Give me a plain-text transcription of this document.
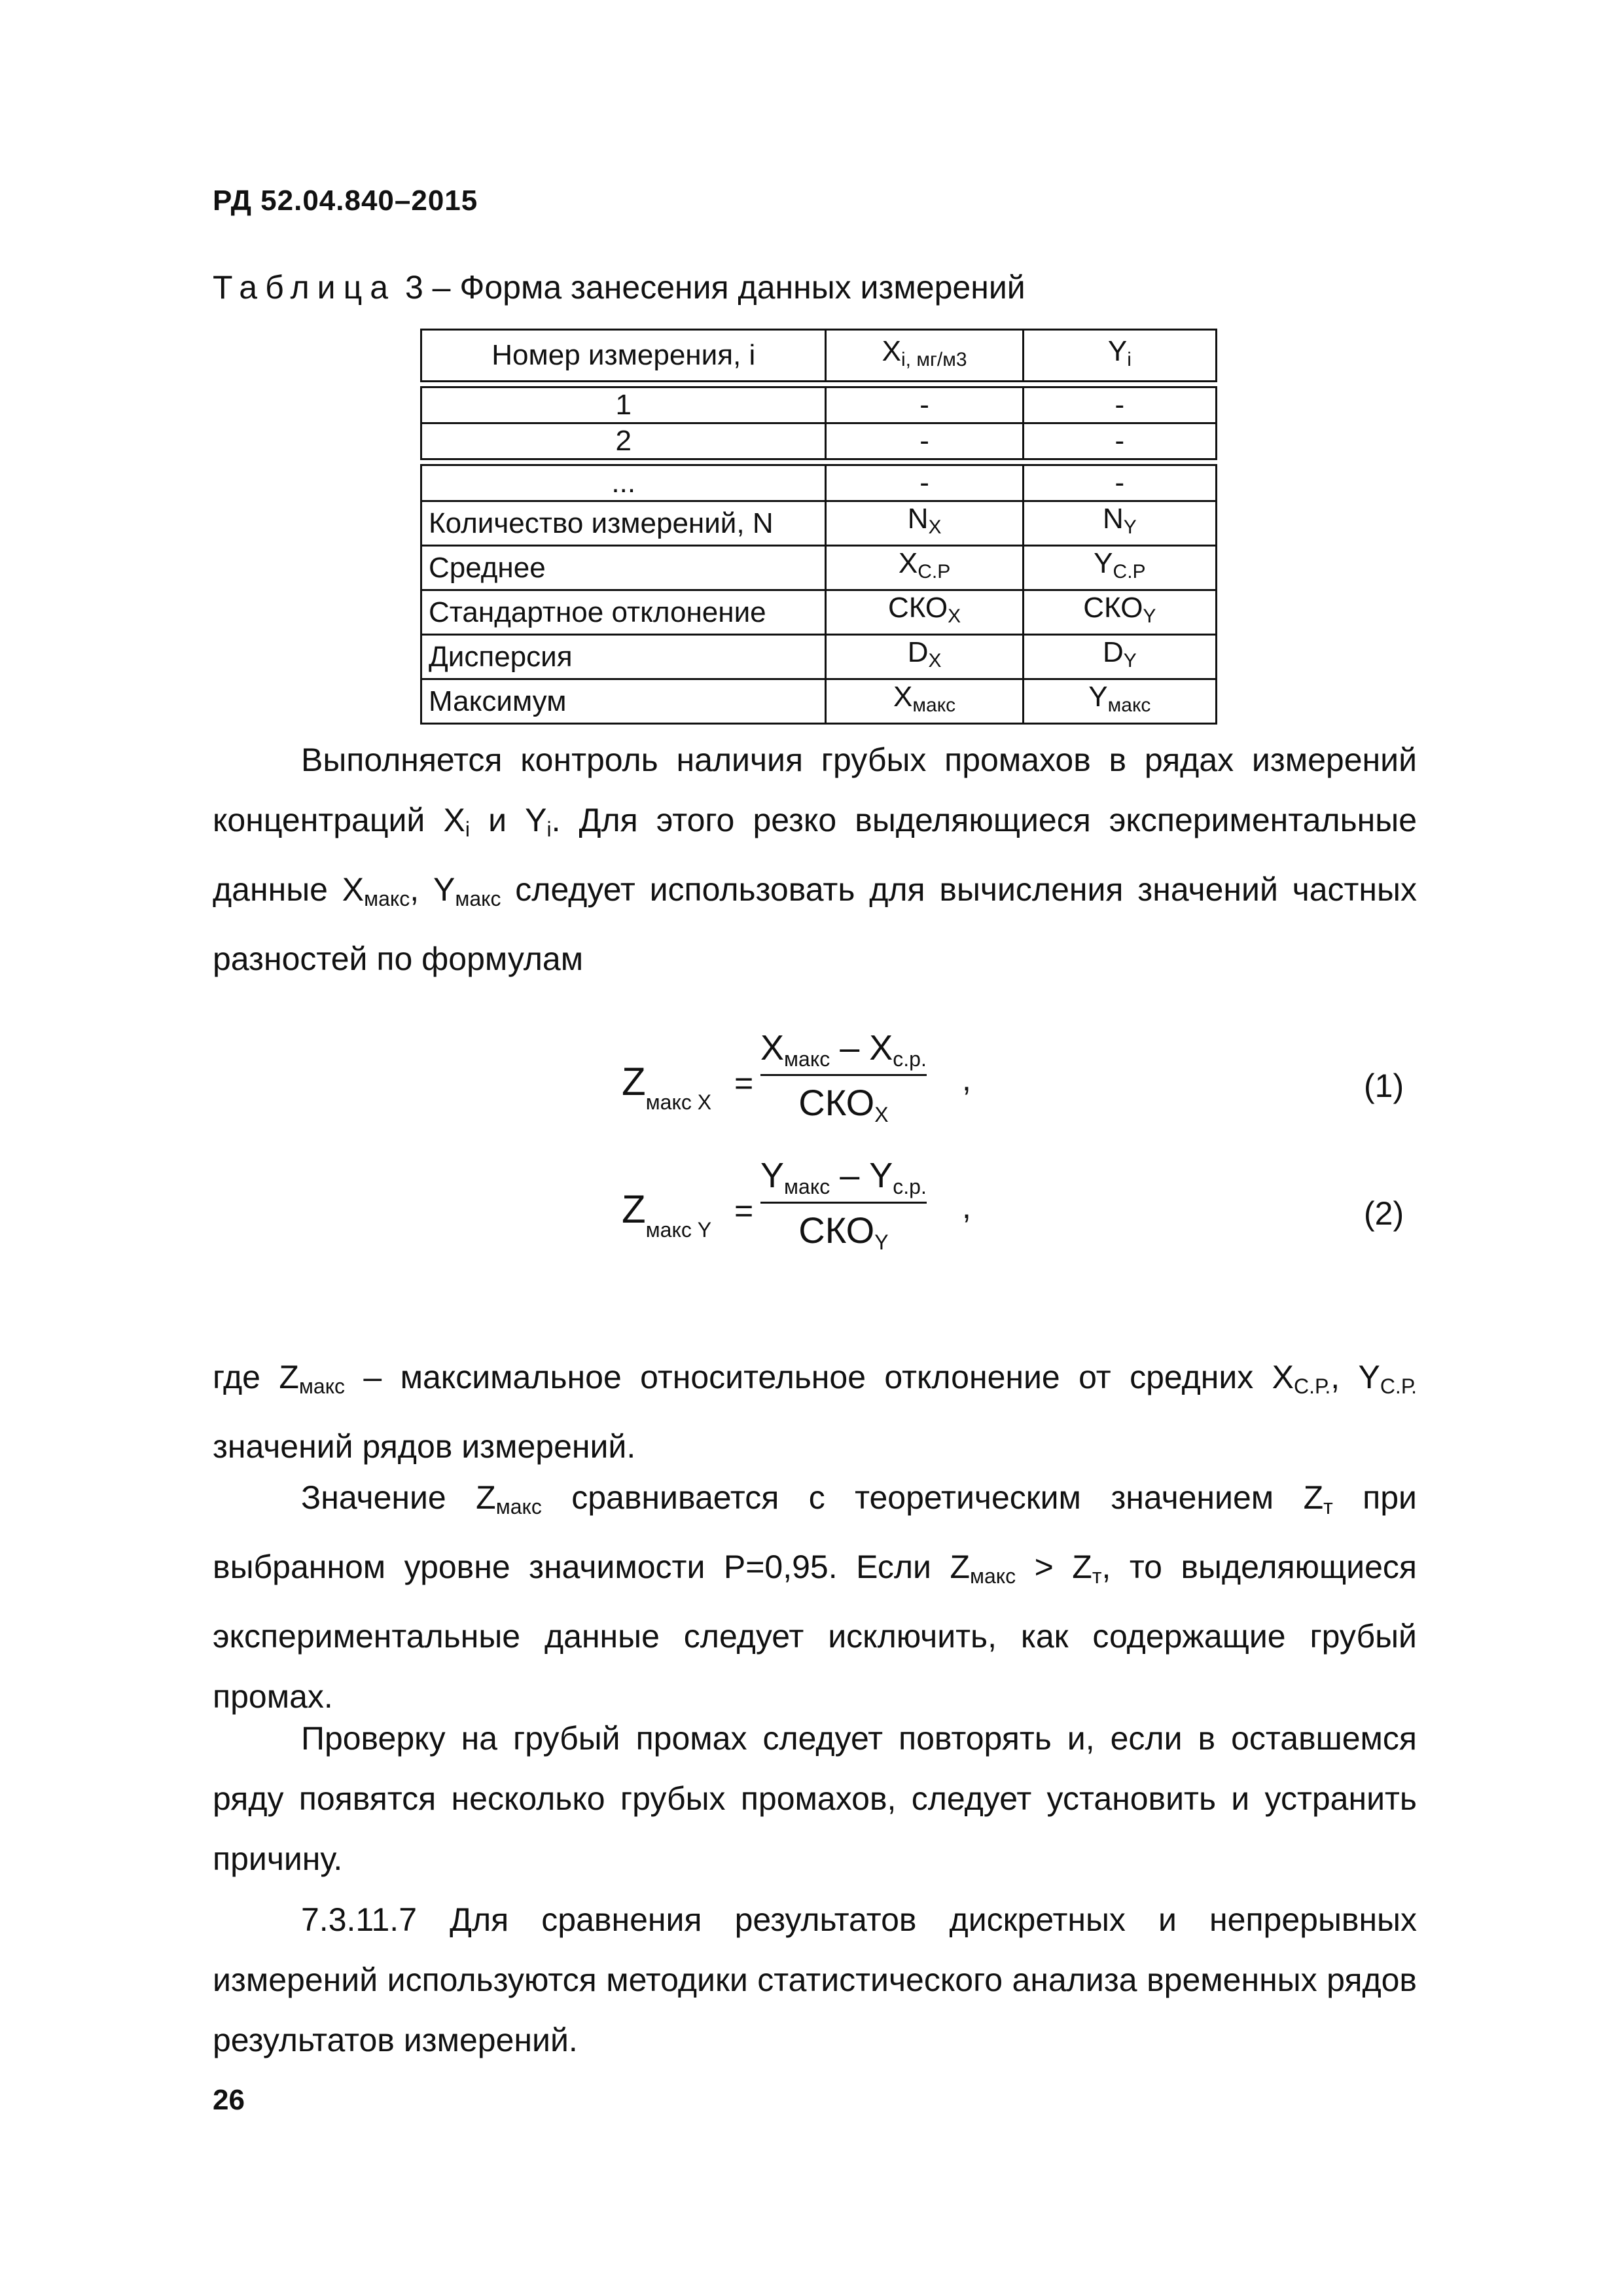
РД 52.04.840–2015
Таблица 3 – Форма занесения данных измерений
Номер измерения, i	$X_{i, мг/м3}$	$Y_i$

1	-	-
2	-	-

...	-	-
Количество измерений, N	$N_X$	$N_Y$
Среднее	$X_{С.Р}$	$Y_{С.Р}$
Стандартное отклонение	$СКО_X$	$СКО_Y$
Дисперсия	$D_X$	$D_Y$
Максимум	$X_{макс}$	$Y_{макс}$

Выполняется контроль наличия грубых промахов в рядах измерений концентраций $X_i$ и $Y_i$. Для этого резко выделяющиеся экспериментальные данные $X_{макс}$, $Y_{макс}$ следует использовать для вычисления значений частных разностей по формулам

$Z_{макс X}$
=
$X_{макс} - X_{с.р.}$
$СКО_X$
,	(1)
$Z_{макс Y}$
=
$Y_{макс} - Y_{с.р.}$
$СКО_Y$
,	(2)

где $Z_{макс}$ – максимальное относительное отклонение от средних $X_{С.Р.}$, $Y_{С.Р.}$ значений рядов измерений.

Значение $Z_{макс}$ сравнивается с теоретическим значением $Z_т$ при выбранном уровне значимости P=0,95. Если $Z_{макс} > Z_т$, то выделяющиеся экспериментальные данные следует исключить, как содержащие грубый промах.

Проверку на грубый промах следует повторять и, если в оставшемся ряду появятся несколько грубых промахов, следует установить и устранить причину.

7.3.11.7 Для сравнения результатов дискретных и непрерывных измерений используются методики статистического анализа временных рядов результатов измерений.

26
